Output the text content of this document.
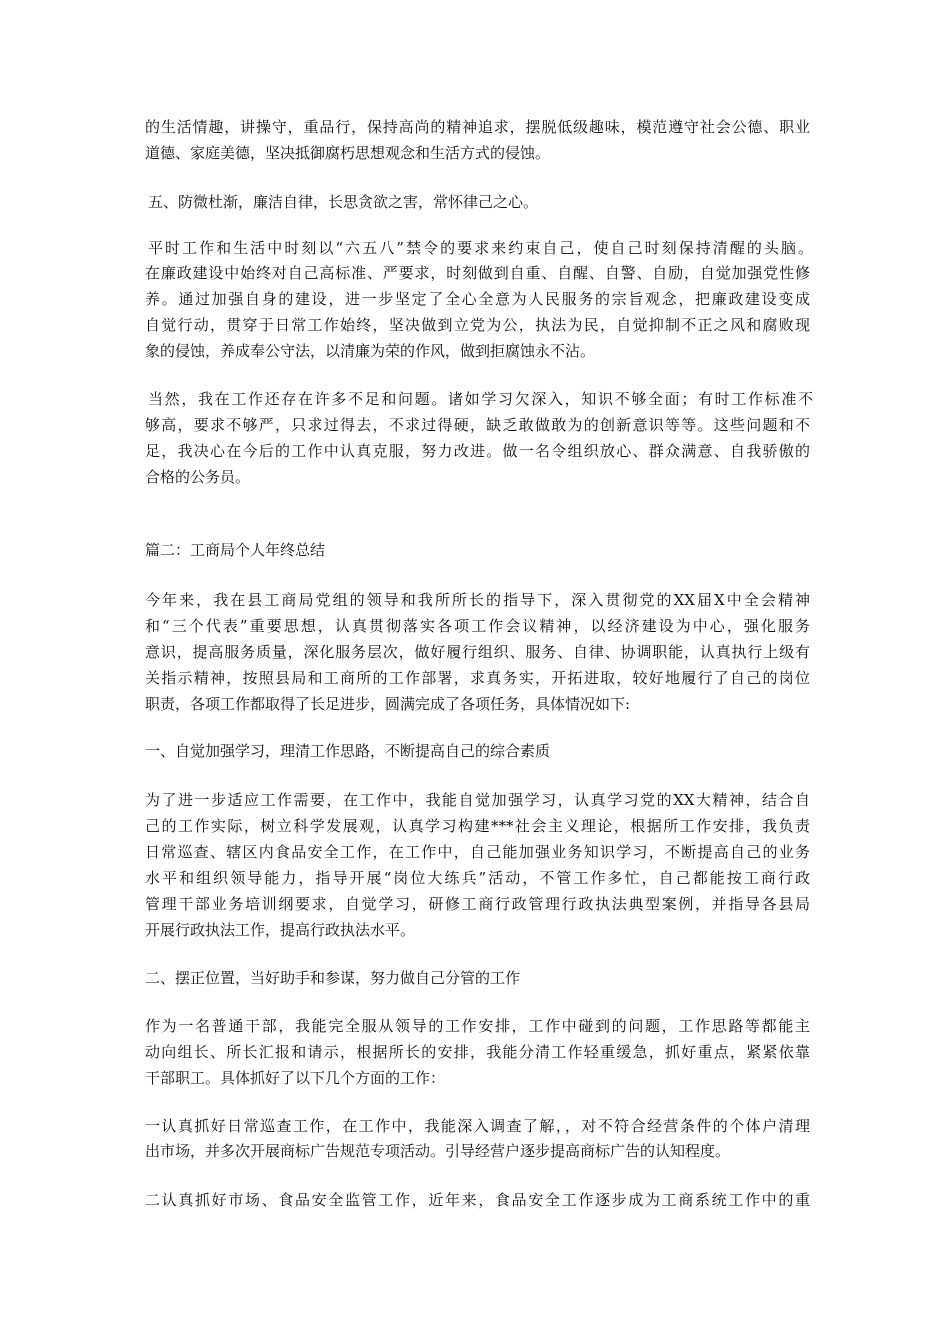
的生活情趣，讲操守，重品行，保持高尚的精神追求，摆脱低级趣味，模范遵守社会公德、职业
道德、家庭美德，坚决抵御腐朽思想观念和生活方式的侵蚀。
五、防微杜渐，廉洁自律，长思贪欲之害，常怀律己之心。
平时工作和生活中时刻以“六五八”禁令的要求来约束自己，使自己时刻保持清醒的头脑。
在廉政建设中始终对自己高标准、严要求，时刻做到自重、自醒、自警、自励，自觉加强党性修
养。通过加强自身的建设，进一步坚定了全心全意为人民服务的宗旨观念，把廉政建设变成
自觉行动，贯穿于日常工作始终，坚决做到立党为公，执法为民，自觉抑制不正之风和腐败现
象的侵蚀，养成奉公守法，以清廉为荣的作风，做到拒腐蚀永不沾。
当然，我在工作还存在许多不足和问题。诸如学习欠深入，知识不够全面；有时工作标准不
够高，要求不够严，只求过得去，不求过得硬，缺乏敢做敢为的创新意识等等。这些问题和不
足，我决心在今后的工作中认真克服，努力改进。做一名令组织放心、群众满意、自我骄傲的
合格的公务员。
篇二：工商局个人年终总结
今年来，我在县工商局党组的领导和我所所长的指导下，深入贯彻党的XX届X中全会精神
和“三个代表”重要思想，认真贯彻落实各项工作会议精神，以经济建设为中心，强化服务
意识，提高服务质量，深化服务层次，做好履行组织、服务、自律、协调职能，认真执行上级有
关指示精神，按照县局和工商所的工作部署，求真务实，开拓进取，较好地履行了自己的岗位
职责，各项工作都取得了长足进步，圆满完成了各项任务，具体情况如下:
一、自觉加强学习，理清工作思路，不断提高自己的综合素质
为了进一步适应工作需要，在工作中，我能自觉加强学习，认真学习党的XX大精神，结合自
己的工作实际，树立科学发展观，认真学习构建***社会主义理论，根据所工作安排，我负责
日常巡查、辖区内食品安全工作，在工作中，自己能加强业务知识学习，不断提高自己的业务
水平和组织领导能力，指导开展“岗位大练兵”活动，不管工作多忙，自己都能按工商行政
管理干部业务培训纲要求，自觉学习，研修工商行政管理行政执法典型案例，并指导各县局
开展行政执法工作，提高行政执法水平。
二、摆正位置，当好助手和参谋，努力做自己分管的工作
作为一名普通干部，我能完全服从领导的工作安排，工作中碰到的问题，工作思路等都能主
动向组长、所长汇报和请示，根据所长的安排，我能分清工作轻重缓急，抓好重点，紧紧依靠
干部职工。具体抓好了以下几个方面的工作：
一认真抓好日常巡查工作，在工作中，我能深入调查了解，，对不符合经营条件的个体户清理
出市场，并多次开展商标广告规范专项活动。引导经营户逐步提高商标广告的认知程度。
二认真抓好市场、食品安全监管工作，近年来，食品安全工作逐步成为工商系统工作中的重
